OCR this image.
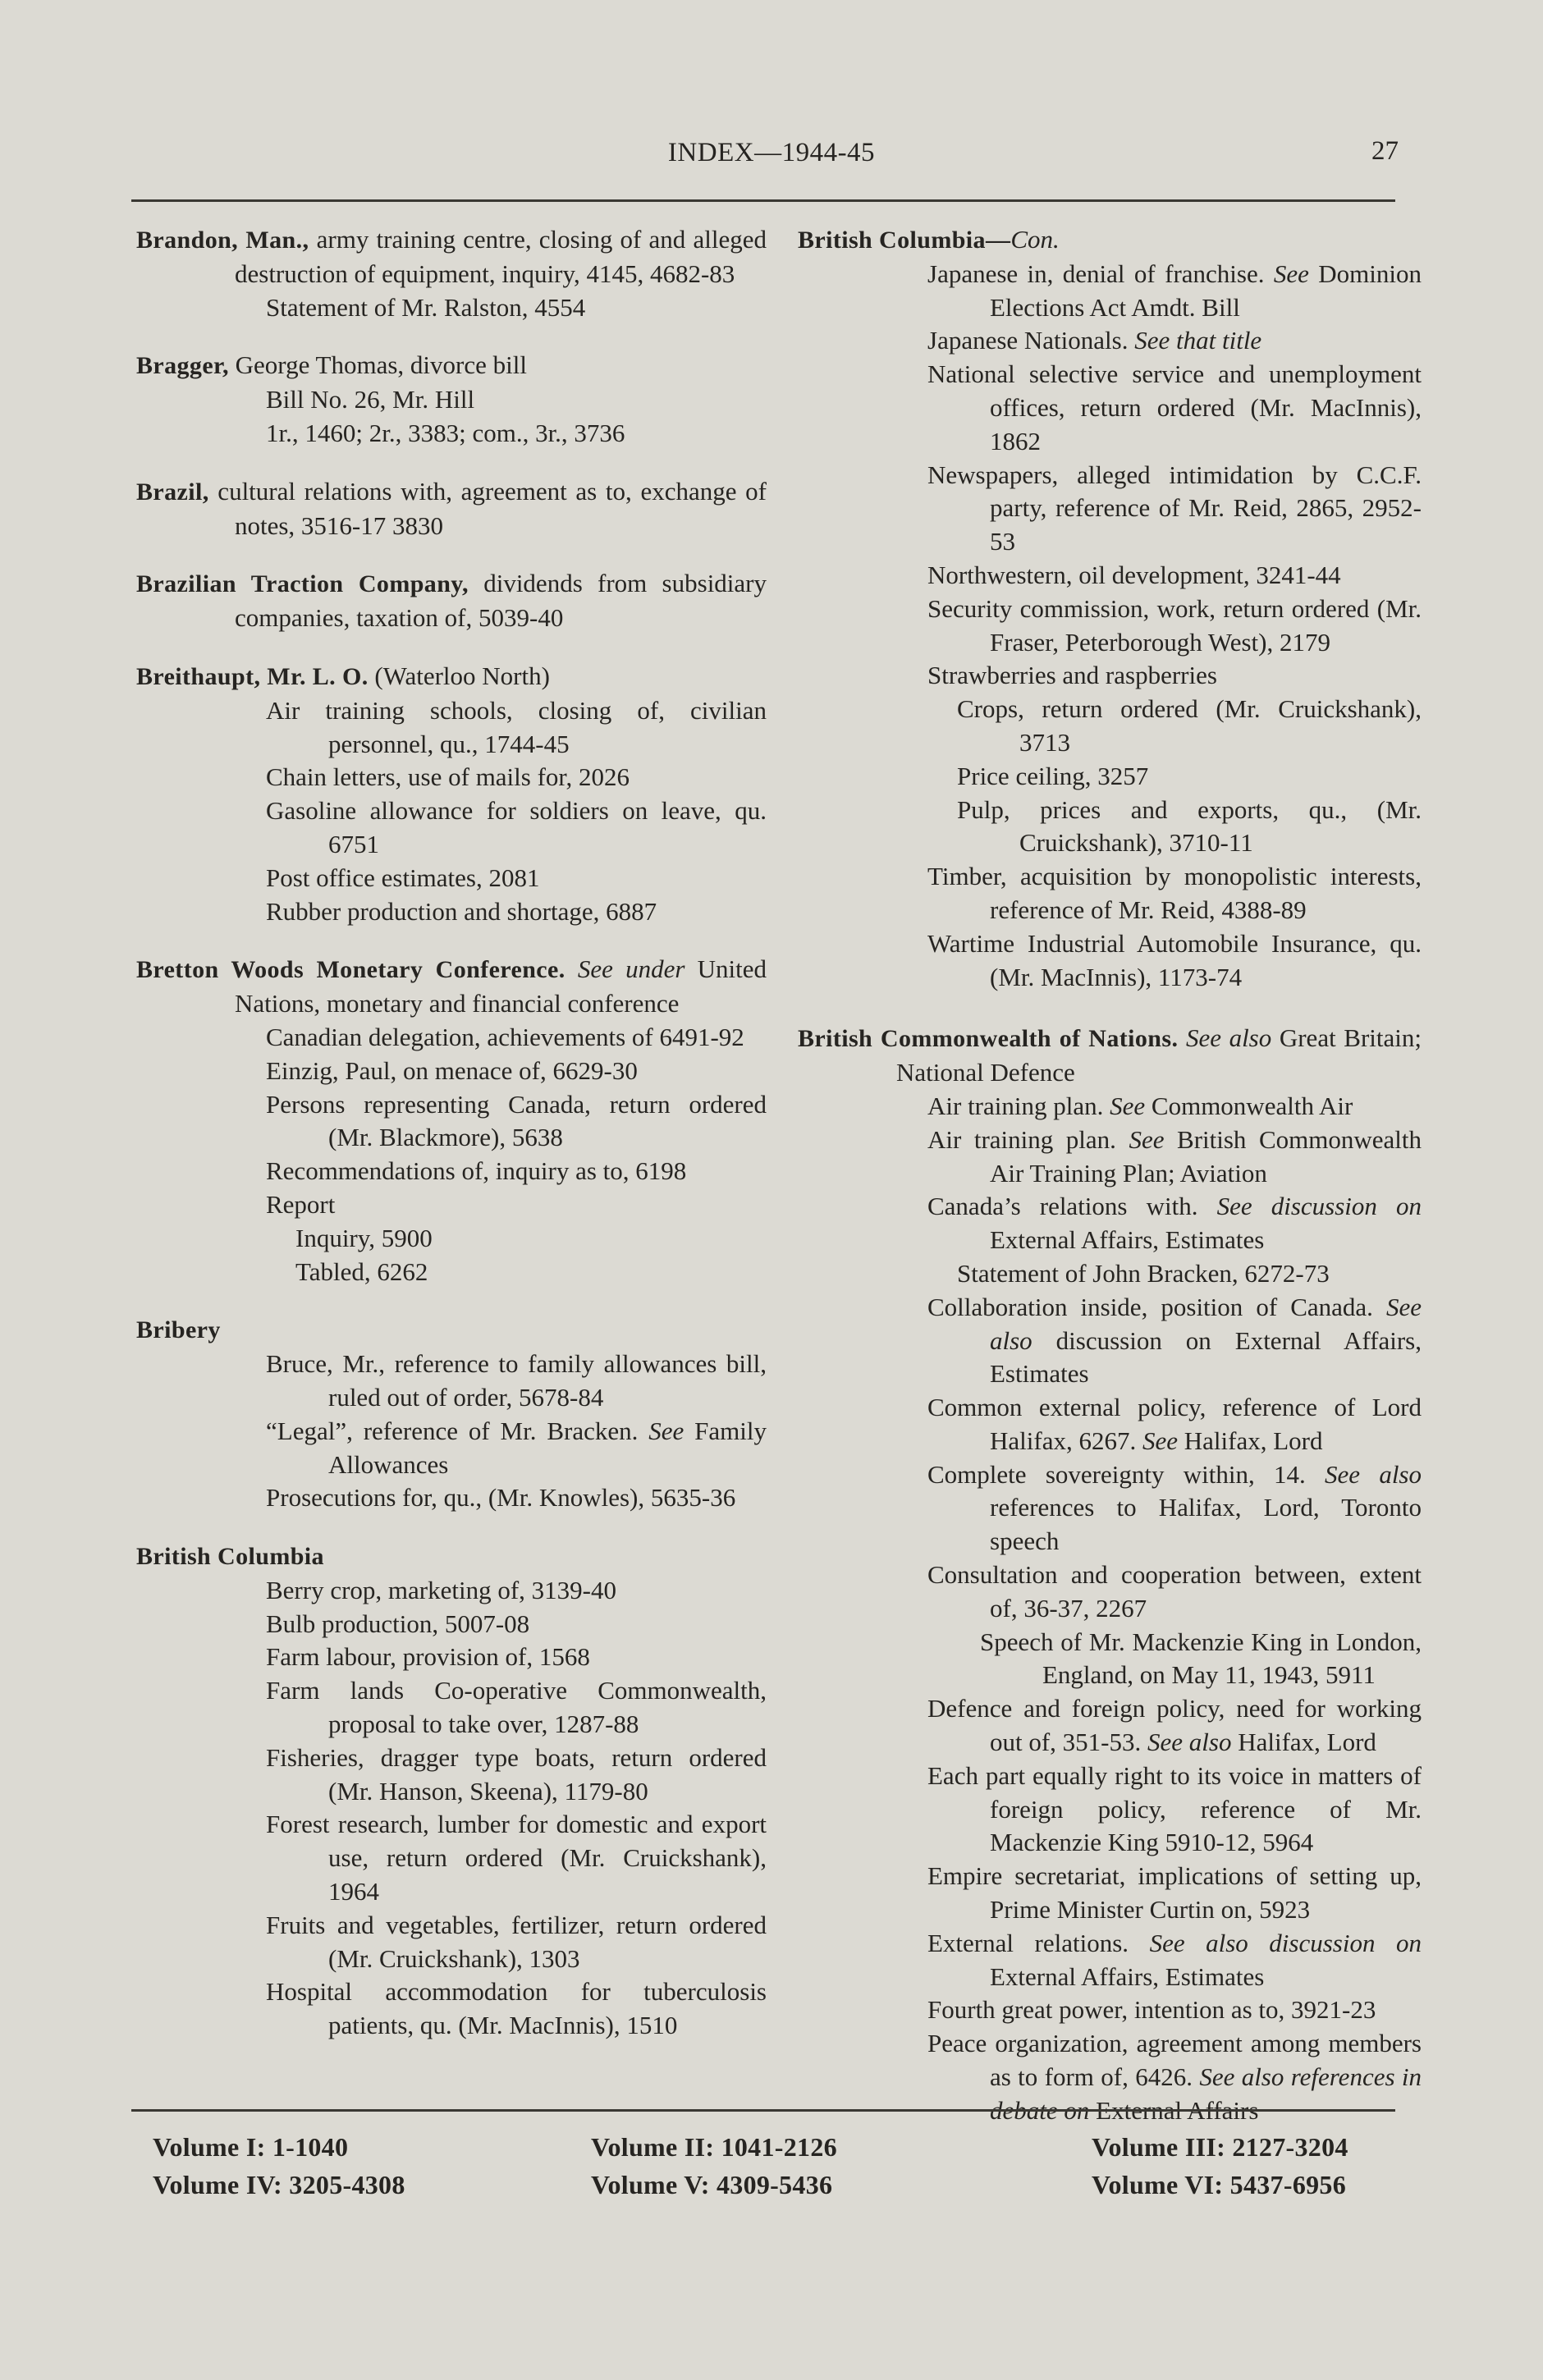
INDEX—1944-45	27
Brandon, Man., army training centre, closing of and alleged destruction of equipment, inquiry, 4145, 4682-83
Statement of Mr. Ralston, 4554
Bragger, George Thomas, divorce bill
Bill No. 26, Mr. Hill
1r., 1460; 2r., 3383; com., 3r., 3736
Brazil, cultural relations with, agreement as to, exchange of notes, 3516-17 3830
Brazilian Traction Company, dividends from subsidiary companies, taxation of, 5039-40
Breithaupt, Mr. L. O. (Waterloo North)
Air training schools, closing of, civilian personnel, qu., 1744-45
Chain letters, use of mails for, 2026
Gasoline allowance for soldiers on leave, qu. 6751
Post office estimates, 2081
Rubber production and shortage, 6887
Bretton Woods Monetary Conference. See under United Nations, monetary and financial conference
Canadian delegation, achievements of 6491-92
Einzig, Paul, on menace of, 6629-30
Persons representing Canada, return ordered (Mr. Blackmore), 5638
Recommendations of, inquiry as to, 6198
Report
Inquiry, 5900
Tabled, 6262
Bribery
Bruce, Mr., reference to family allowances bill, ruled out of order, 5678-84
“Legal”, reference of Mr. Bracken. See Family Allowances
Prosecutions for, qu., (Mr. Knowles), 5635-36
British Columbia
Berry crop, marketing of, 3139-40
Bulb production, 5007-08
Farm labour, provision of, 1568
Farm lands Co-operative Commonwealth, proposal to take over, 1287-88
Fisheries, dragger type boats, return ordered (Mr. Hanson, Skeena), 1179-80
Forest research, lumber for domestic and export use, return ordered (Mr. Cruickshank), 1964
Fruits and vegetables, fertilizer, return ordered (Mr. Cruickshank), 1303
Hospital accommodation for tuberculosis patients, qu. (Mr. MacInnis), 1510
British Columbia—Con.
Japanese in, denial of franchise. See Dominion Elections Act Amdt. Bill
Japanese Nationals. See that title
National selective service and unemployment offices, return ordered (Mr. MacInnis), 1862
Newspapers, alleged intimidation by C.C.F. party, reference of Mr. Reid, 2865, 2952-53
Northwestern, oil development, 3241-44
Security commission, work, return ordered (Mr. Fraser, Peterborough West), 2179
Strawberries and raspberries
Crops, return ordered (Mr. Cruickshank), 3713
Price ceiling, 3257
Pulp, prices and exports, qu., (Mr. Cruickshank), 3710-11
Timber, acquisition by monopolistic interests, reference of Mr. Reid, 4388-89
Wartime Industrial Automobile Insurance, qu. (Mr. MacInnis), 1173-74
British Commonwealth of Nations. See also Great Britain; National Defence
Air training plan. See Commonwealth Air
Air training plan. See British Commonwealth Air Training Plan; Aviation
Canada’s relations with. See discussion on External Affairs, Estimates
Statement of John Bracken, 6272-73
Collaboration inside, position of Canada. See also discussion on External Affairs, Estimates
Common external policy, reference of Lord Halifax, 6267. See Halifax, Lord
Complete sovereignty within, 14. See also references to Halifax, Lord, Toronto speech
Consultation and cooperation between, extent of, 36-37, 2267
Speech of Mr. Mackenzie King in London, England, on May 11, 1943, 5911
Defence and foreign policy, need for working out of, 351-53. See also Halifax, Lord
Each part equally right to its voice in matters of foreign policy, reference of Mr. Mackenzie King 5910-12, 5964
Empire secretariat, implications of setting up, Prime Minister Curtin on, 5923
External relations. See also discussion on External Affairs, Estimates
Fourth great power, intention as to, 3921-23
Peace organization, agreement among members as to form of, 6426. See also references in debate on External Affairs
Volume I: 1-1040
Volume IV: 3205-4308
Volume II: 1041-2126
Volume V: 4309-5436
Volume III: 2127-3204
Volume VI: 5437-6956
